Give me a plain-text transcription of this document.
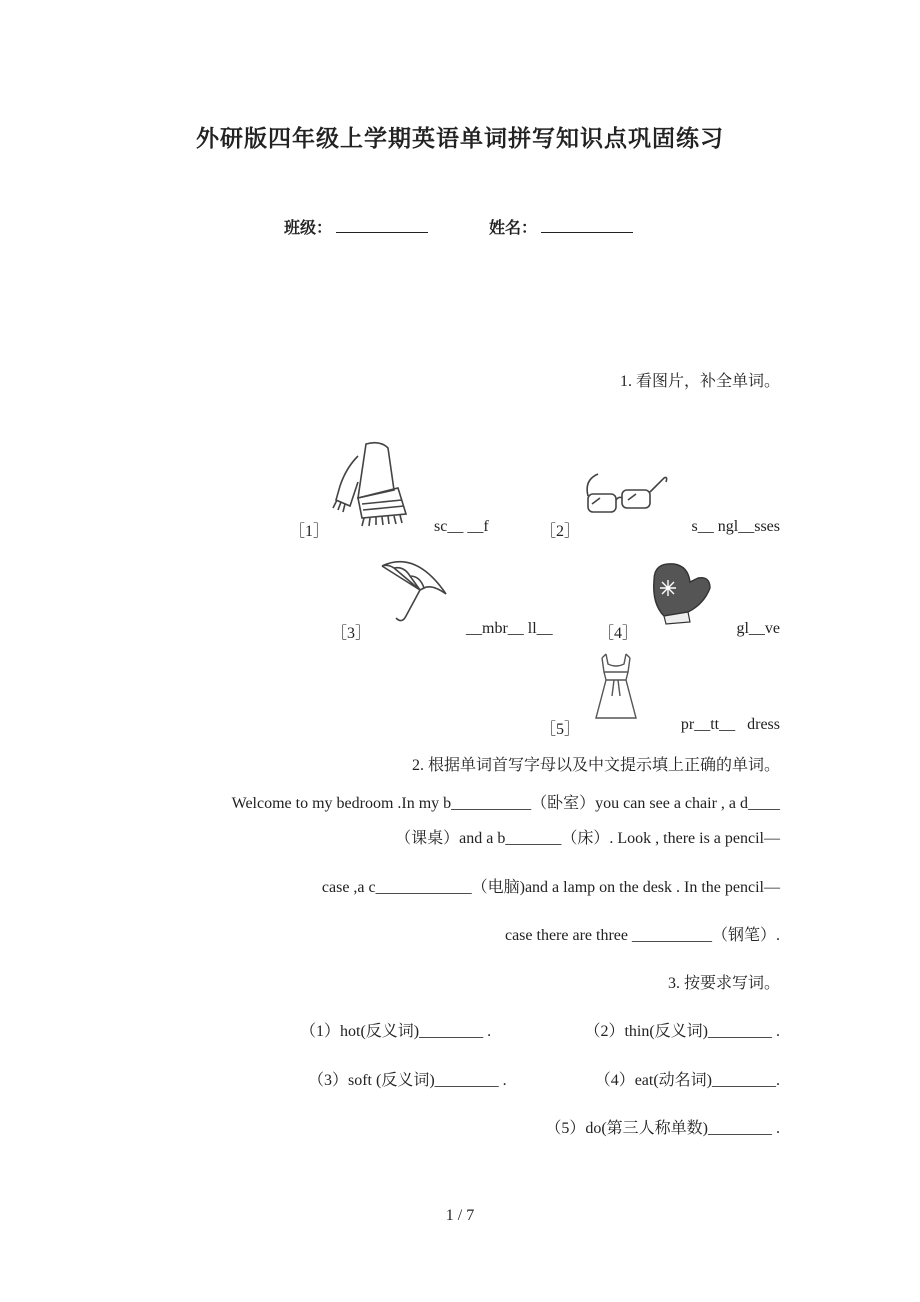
外研版四年级上学期英语单词拼写知识点巩固练习
班级：	姓名：
1. 看图片，补全单词。
［1］	sc__ __f	［2］	s__ ngl__sses
［3］	__mbr__ ll__	［4］	gl__ve
［5］	pr__tt__   dress
2. 根据单词首写字母以及中文提示填上正确的单词。
Welcome to my bedroom .In my b__________（卧室）you can see a chair , a d____
（课桌）and a b_______（床）. Look , there is a pencil—
case ,a c____________（电脑)and a lamp on the desk . In the pencil—
case there are three __________（钢笔）.
3. 按要求写词。
（1）hot(反义词)________ .	（2）thin(反义词)________ .
（3）soft (反义词)________ .	（4）eat(动名词)________.
（5）do(第三人称单数)________ .
1 / 7
